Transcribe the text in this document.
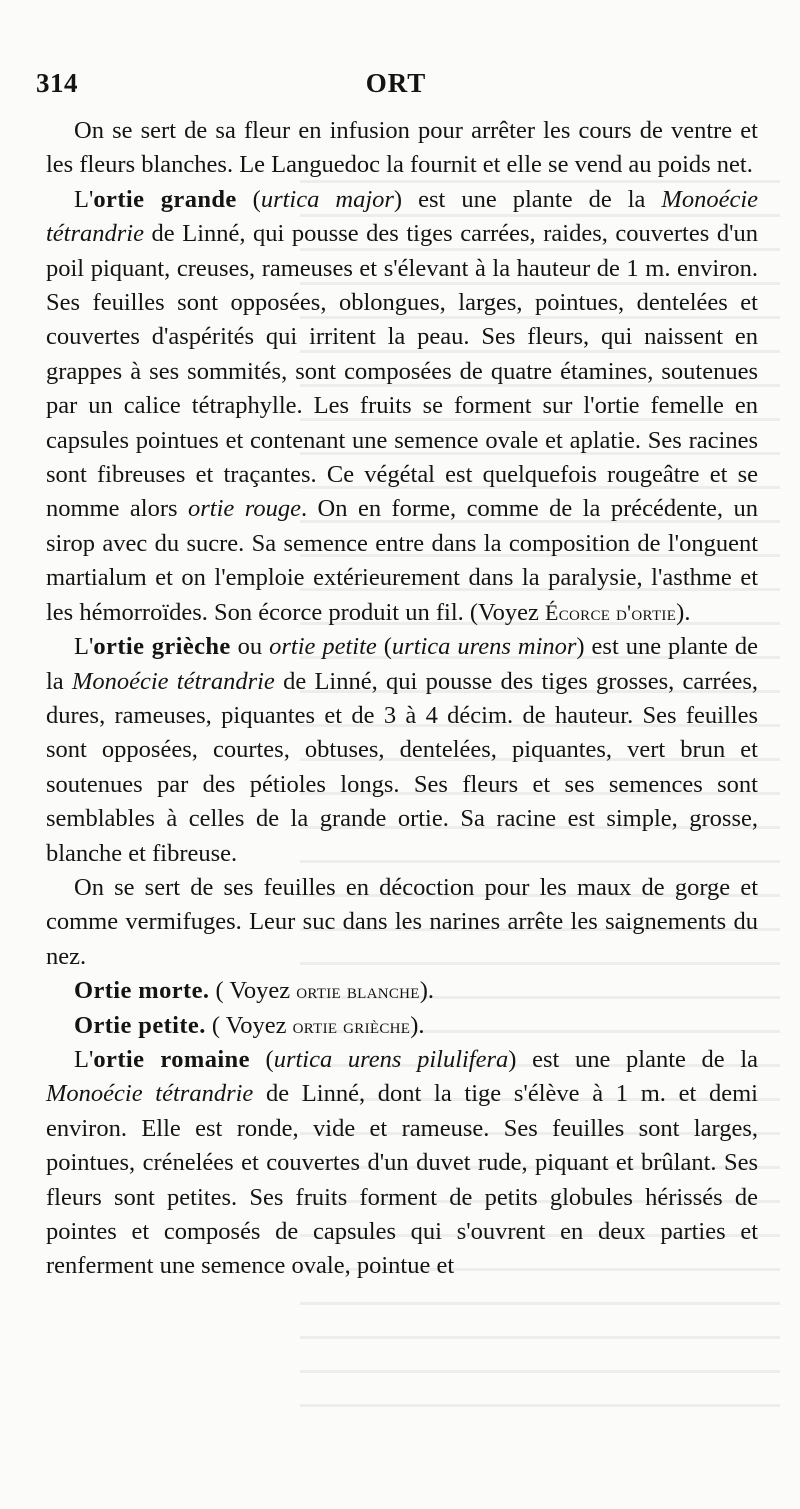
314	ORT

On se sert de sa fleur en infusion pour arrêter les cours de ventre et les fleurs blanches. Le Languedoc la fournit et elle se vend au poids net.

L'ortie grande (urtica major) est une plante de la Monoécie tétrandrie de Linné, qui pousse des tiges carrées, raides, couvertes d'un poil piquant, creuses, rameuses et s'élevant à la hauteur de 1 m. environ. Ses feuilles sont opposées, oblongues, larges, pointues, dentelées et couvertes d'aspérités qui irritent la peau. Ses fleurs, qui naissent en grappes à ses sommités, sont composées de quatre étamines, soutenues par un calice tétraphylle. Les fruits se forment sur l'ortie femelle en capsules pointues et contenant une semence ovale et aplatie. Ses racines sont fibreuses et traçantes. Ce végétal est quelquefois rougeâtre et se nomme alors ortie rouge. On en forme, comme de la précédente, un sirop avec du sucre. Sa semence entre dans la composition de l'onguent martialum et on l'emploie extérieurement dans la paralysie, l'asthme et les hémorroïdes. Son écorce produit un fil. (Voyez Écorce d'ortie).

L'ortie grièche ou ortie petite (urtica urens minor) est une plante de la Monoécie tétrandrie de Linné, qui pousse des tiges grosses, carrées, dures, rameuses, piquantes et de 3 à 4 décim. de hauteur. Ses feuilles sont opposées, courtes, obtuses, dentelées, piquantes, vert brun et soutenues par des pétioles longs. Ses fleurs et ses semences sont semblables à celles de la grande ortie. Sa racine est simple, grosse, blanche et fibreuse.

On se sert de ses feuilles en décoction pour les maux de gorge et comme vermifuges. Leur suc dans les narines arrête les saignements du nez.

Ortie morte. ( Voyez ortie blanche).

Ortie petite. ( Voyez ortie grièche).

L'ortie romaine (urtica urens pilulifera) est une plante de la Monoécie tétrandrie de Linné, dont la tige s'élève à 1 m. et demi environ. Elle est ronde, vide et rameuse. Ses feuilles sont larges, pointues, crénelées et couvertes d'un duvet rude, piquant et brûlant. Ses fleurs sont petites. Ses fruits forment de petits globules hérissés de pointes et composés de capsules qui s'ouvrent en deux parties et renferment une semence ovale, pointue et
